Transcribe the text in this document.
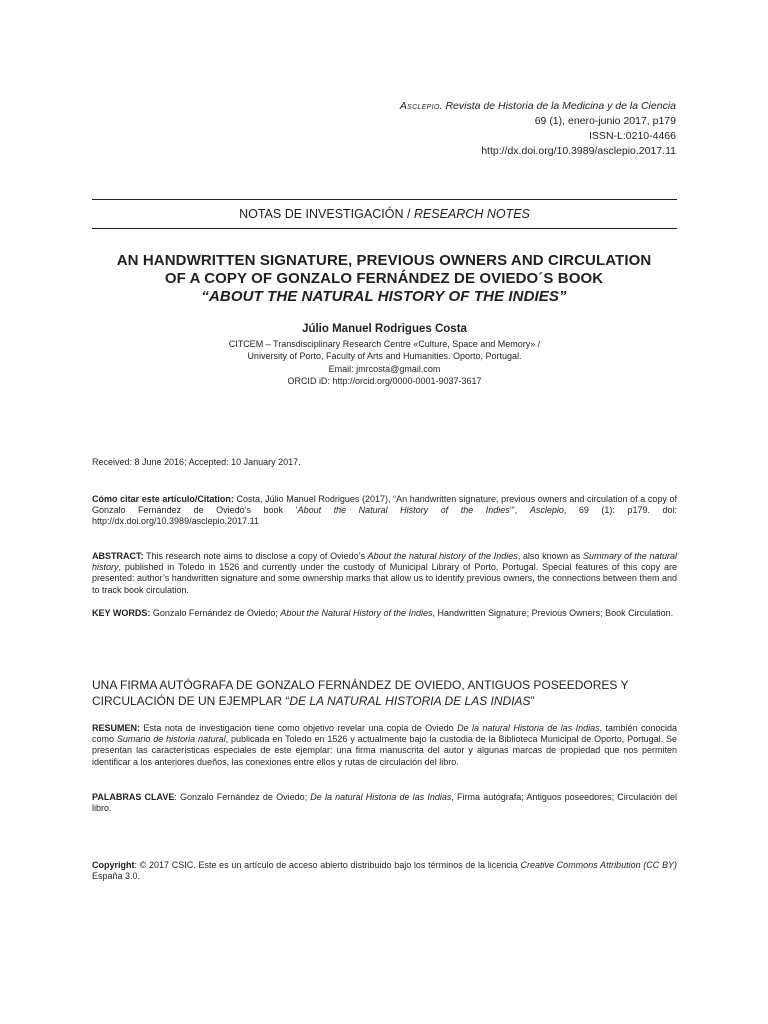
Asclepio. Revista de Historia de la Medicina y de la Ciencia
69 (1), enero-junio 2017, p179
ISSN-L:0210-4466
http://dx.doi.org/10.3989/asclepio.2017.11
NOTAS DE INVESTIGACIÓN / RESEARCH NOTES
AN HANDWRITTEN SIGNATURE, PREVIOUS OWNERS AND CIRCULATION
OF A COPY OF GONZALO FERNÁNDEZ DE OVIEDO´S BOOK
“ABOUT THE NATURAL HISTORY OF THE INDIES”
Júlio Manuel Rodrigues Costa
CITCEM – Transdisciplinary Research Centre «Culture, Space and Memory» /
University of Porto, Faculty of Arts and Humanities. Oporto, Portugal.
Email: jmrcosta@gmail.com
ORCID iD: http://orcid.org/0000-0001-9037-3617
Received: 8 June 2016; Accepted: 10 January 2017.
Cómo citar este artículo/Citation: Costa, Júlio Manuel Rodrigues (2017), “An handwritten signature, previous owners and circulation of a copy of Gonzalo Fernández de Oviedo’s book ‘About the Natural History of the Indies’”, Asclepio, 69 (1): p179. doi: http://dx.doi.org/10.3989/asclepio.2017.11
ABSTRACT: This research note aims to disclose a copy of Oviedo’s About the natural history of the Indies, also known as Summary of the natural history, published in Toledo in 1526 and currently under the custody of Municipal Library of Porto, Portugal. Special features of this copy are presented: author’s handwritten signature and some ownership marks that allow us to identify previous owners, the connections between them and to track book circulation.
KEY WORDS: Gonzalo Fernández de Oviedo; About the Natural History of the Indies, Handwritten Signature; Previous Owners; Book Circulation.
UNA FIRMA AUTÓGRAFA DE GONZALO FERNÁNDEZ DE OVIEDO, ANTIGUOS POSEEDORES Y CIRCULACIÓN DE UN EJEMPLAR “DE LA NATURAL HISTORIA DE LAS INDIAS”
RESUMEN: Esta nota de investigación tiene como objetivo revelar una copia de Oviedo De la natural Historia de las Indias, también conocida como Sumario de historia natural, publicada en Toledo en 1526 y actualmente bajo la custodia de la Biblioteca Municipal de Oporto, Portugal. Se presentan las características especiales de este ejemplar: una firma manuscrita del autor y algunas marcas de propiedad que nos permiten identificar a los anteriores dueños, las conexiones entre ellos y rutas de circulación del libro.
PALABRAS CLAVE: Gonzalo Fernández de Oviedo; De la natural Historia de las Indias, Firma autógrafa; Antiguos poseedores; Circulación del libro.
Copyright: © 2017 CSIC. Este es un artículo de acceso abierto distribuido bajo los términos de la licencia Creative Commons Attribution (CC BY) España 3.0.
